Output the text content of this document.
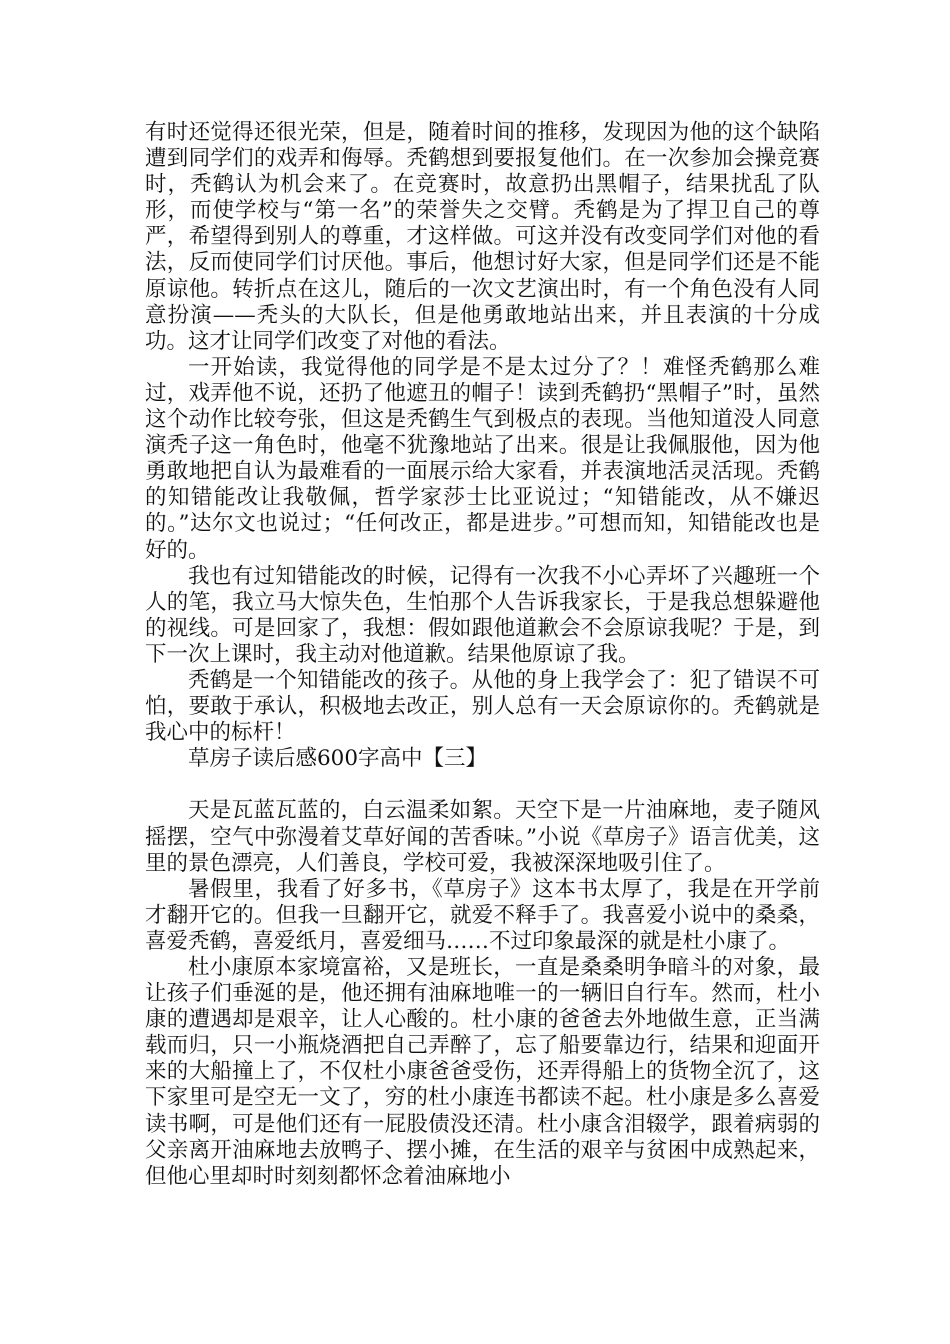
有时还觉得还很光荣，但是，随着时间的推移，发现因为他的这个缺陷遭到同学们的戏弄和侮辱。秃鹤想到要报复他们。在一次参加会操竞赛时，秃鹤认为机会来了。在竞赛时，故意扔出黑帽子，结果扰乱了队形，而使学校与“第一名”的荣誉失之交臂。秃鹤是为了捍卫自己的尊严，希望得到别人的尊重，才这样做。可这并没有改变同学们对他的看法，反而使同学们讨厌他。事后，他想讨好大家，但是同学们还是不能原谅他。转折点在这儿，随后的一次文艺演出时，有一个角色没有人同意扮演——秃头的大队长，但是他勇敢地站出来，并且表演的十分成功。这才让同学们改变了对他的看法。

一开始读，我觉得他的同学是不是太过分了？！难怪秃鹤那么难过，戏弄他不说，还扔了他遮丑的帽子！读到秃鹤扔“黑帽子”时，虽然这个动作比较夸张，但这是秃鹤生气到极点的表现。当他知道没人同意演秃子这一角色时，他毫不犹豫地站了出来。很是让我佩服他，因为他勇敢地把自认为最难看的一面展示给大家看，并表演地活灵活现。秃鹤的知错能改让我敬佩，哲学家莎士比亚说过；“知错能改，从不嫌迟的。”达尔文也说过；“任何改正，都是进步。”可想而知，知错能改也是好的。

我也有过知错能改的时候，记得有一次我不小心弄坏了兴趣班一个人的笔，我立马大惊失色，生怕那个人告诉我家长，于是我总想躲避他的视线。可是回家了，我想：假如跟他道歉会不会原谅我呢？于是，到下一次上课时，我主动对他道歉。结果他原谅了我。

秃鹤是一个知错能改的孩子。从他的身上我学会了：犯了错误不可怕，要敢于承认，积极地去改正，别人总有一天会原谅你的。秃鹤就是我心中的标杆！

草房子读后感600字高中【三】

天是瓦蓝瓦蓝的，白云温柔如絮。天空下是一片油麻地，麦子随风摇摆，空气中弥漫着艾草好闻的苦香味。”小说《草房子》语言优美，这里的景色漂亮，人们善良，学校可爱，我被深深地吸引住了。

暑假里，我看了好多书，《草房子》这本书太厚了，我是在开学前才翻开它的。但我一旦翻开它，就爱不释手了。我喜爱小说中的桑桑，喜爱秃鹤，喜爱纸月，喜爱细马……不过印象最深的就是杜小康了。

杜小康原本家境富裕，又是班长，一直是桑桑明争暗斗的对象，最让孩子们垂涎的是，他还拥有油麻地唯一的一辆旧自行车。然而，杜小康的遭遇却是艰辛，让人心酸的。杜小康的爸爸去外地做生意，正当满载而归，只一小瓶烧酒把自己弄醉了，忘了船要靠边行，结果和迎面开来的大船撞上了，不仅杜小康爸爸受伤，还弄得船上的货物全沉了，这下家里可是空无一文了，穷的杜小康连书都读不起。杜小康是多么喜爱读书啊，可是他们还有一屁股债没还清。杜小康含泪辍学，跟着病弱的父亲离开油麻地去放鸭子、摆小摊，在生活的艰辛与贫困中成熟起来，但他心里却时时刻刻都怀念着油麻地小
